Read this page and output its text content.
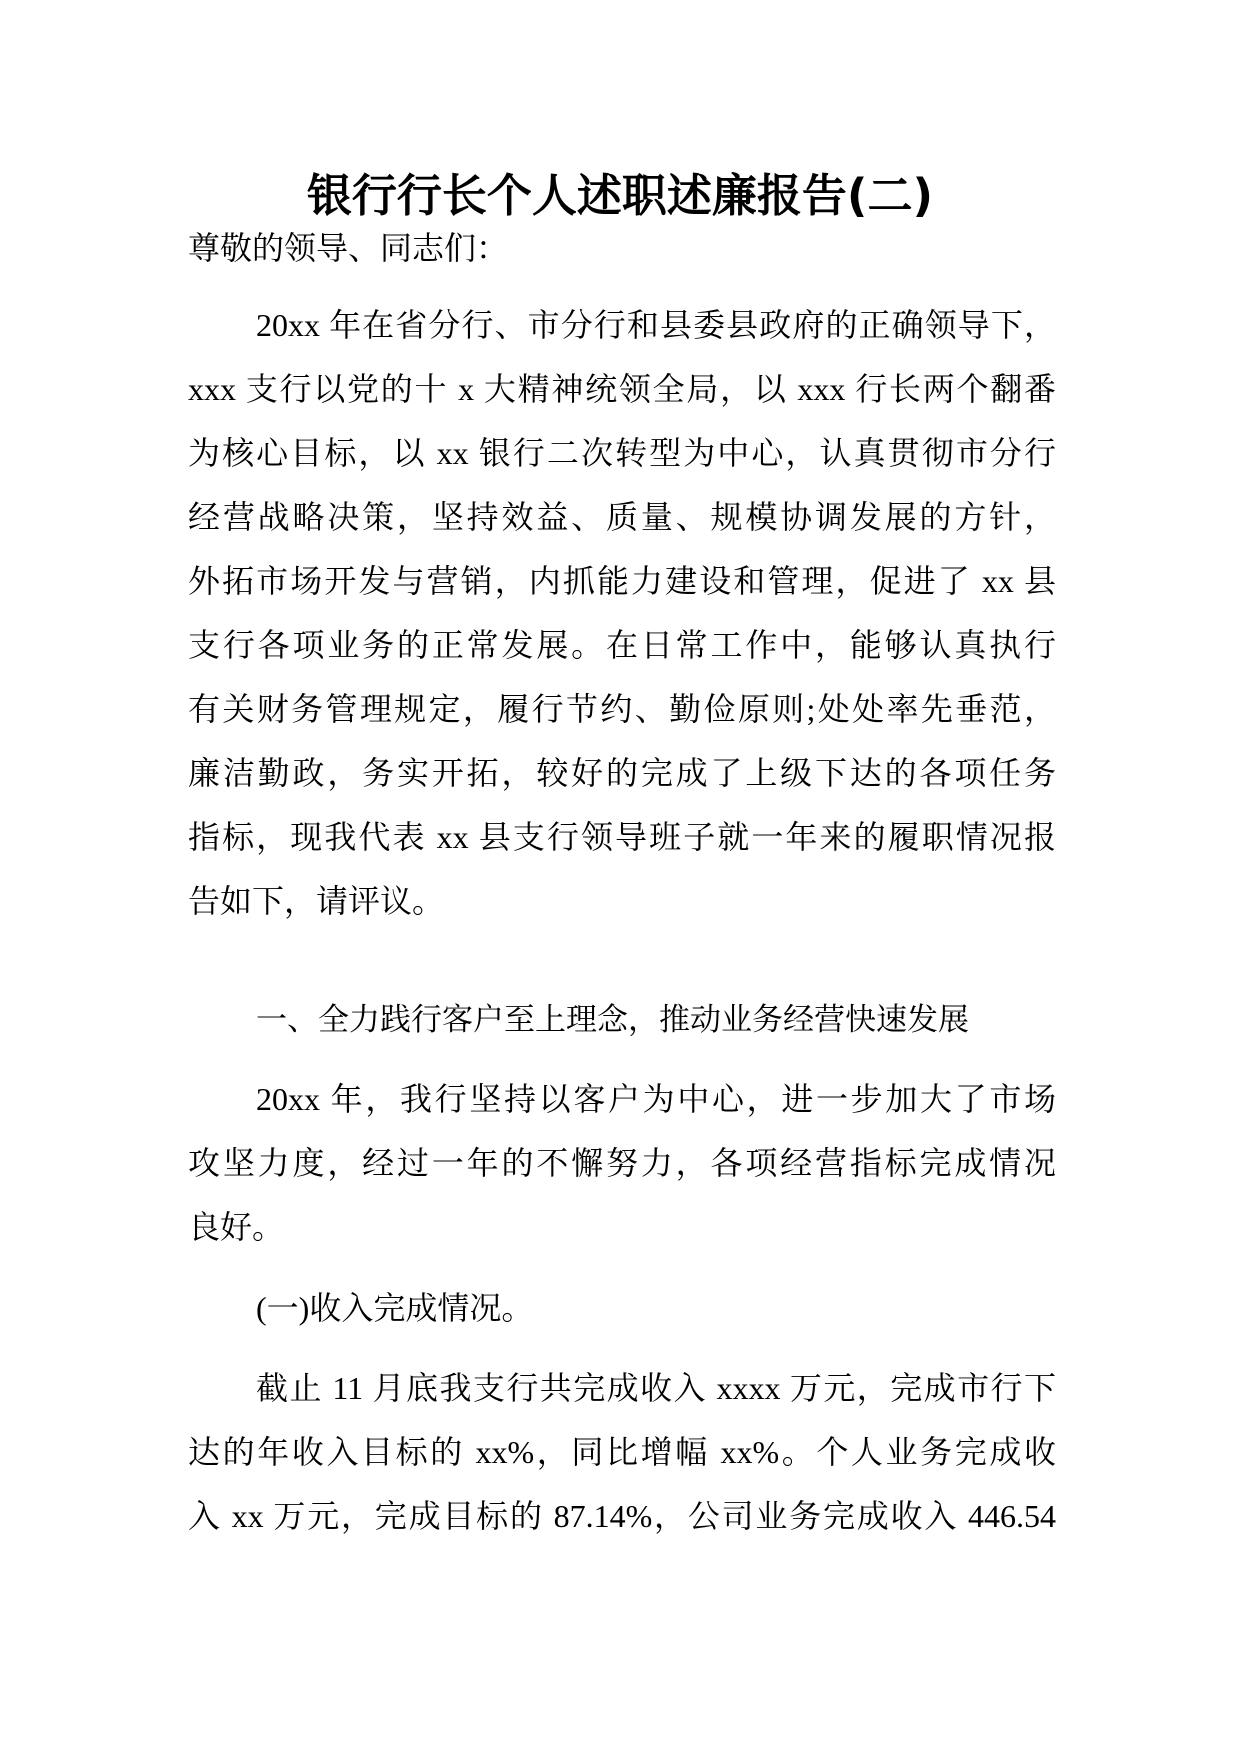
银行行长个人述职述廉报告(二)
尊敬的领导、同志们：
20xx 年在省分行、市分行和县委县政府的正确领导下，
xxx 支行以党的十 x 大精神统领全局，以 xxx 行长两个翻番
为核心目标，以 xx 银行二次转型为中心，认真贯彻市分行
经营战略决策，坚持效益、质量、规模协调发展的方针，
外拓市场开发与营销，内抓能力建设和管理，促进了 xx 县
支行各项业务的正常发展。在日常工作中，能够认真执行
有关财务管理规定，履行节约、勤俭原则;处处率先垂范，
廉洁勤政，务实开拓，较好的完成了上级下达的各项任务
指标，现我代表 xx 县支行领导班子就一年来的履职情况报
告如下，请评议。
一、全力践行客户至上理念，推动业务经营快速发展
20xx 年，我行坚持以客户为中心，进一步加大了市场
攻坚力度，经过一年的不懈努力，各项经营指标完成情况
良好。
(一)收入完成情况。
截止 11 月底我支行共完成收入 xxxx 万元，完成市行下
达的年收入目标的 xx%，同比增幅 xx%。个人业务完成收
入 xx 万元，完成目标的 87.14%，公司业务完成收入 446.54
